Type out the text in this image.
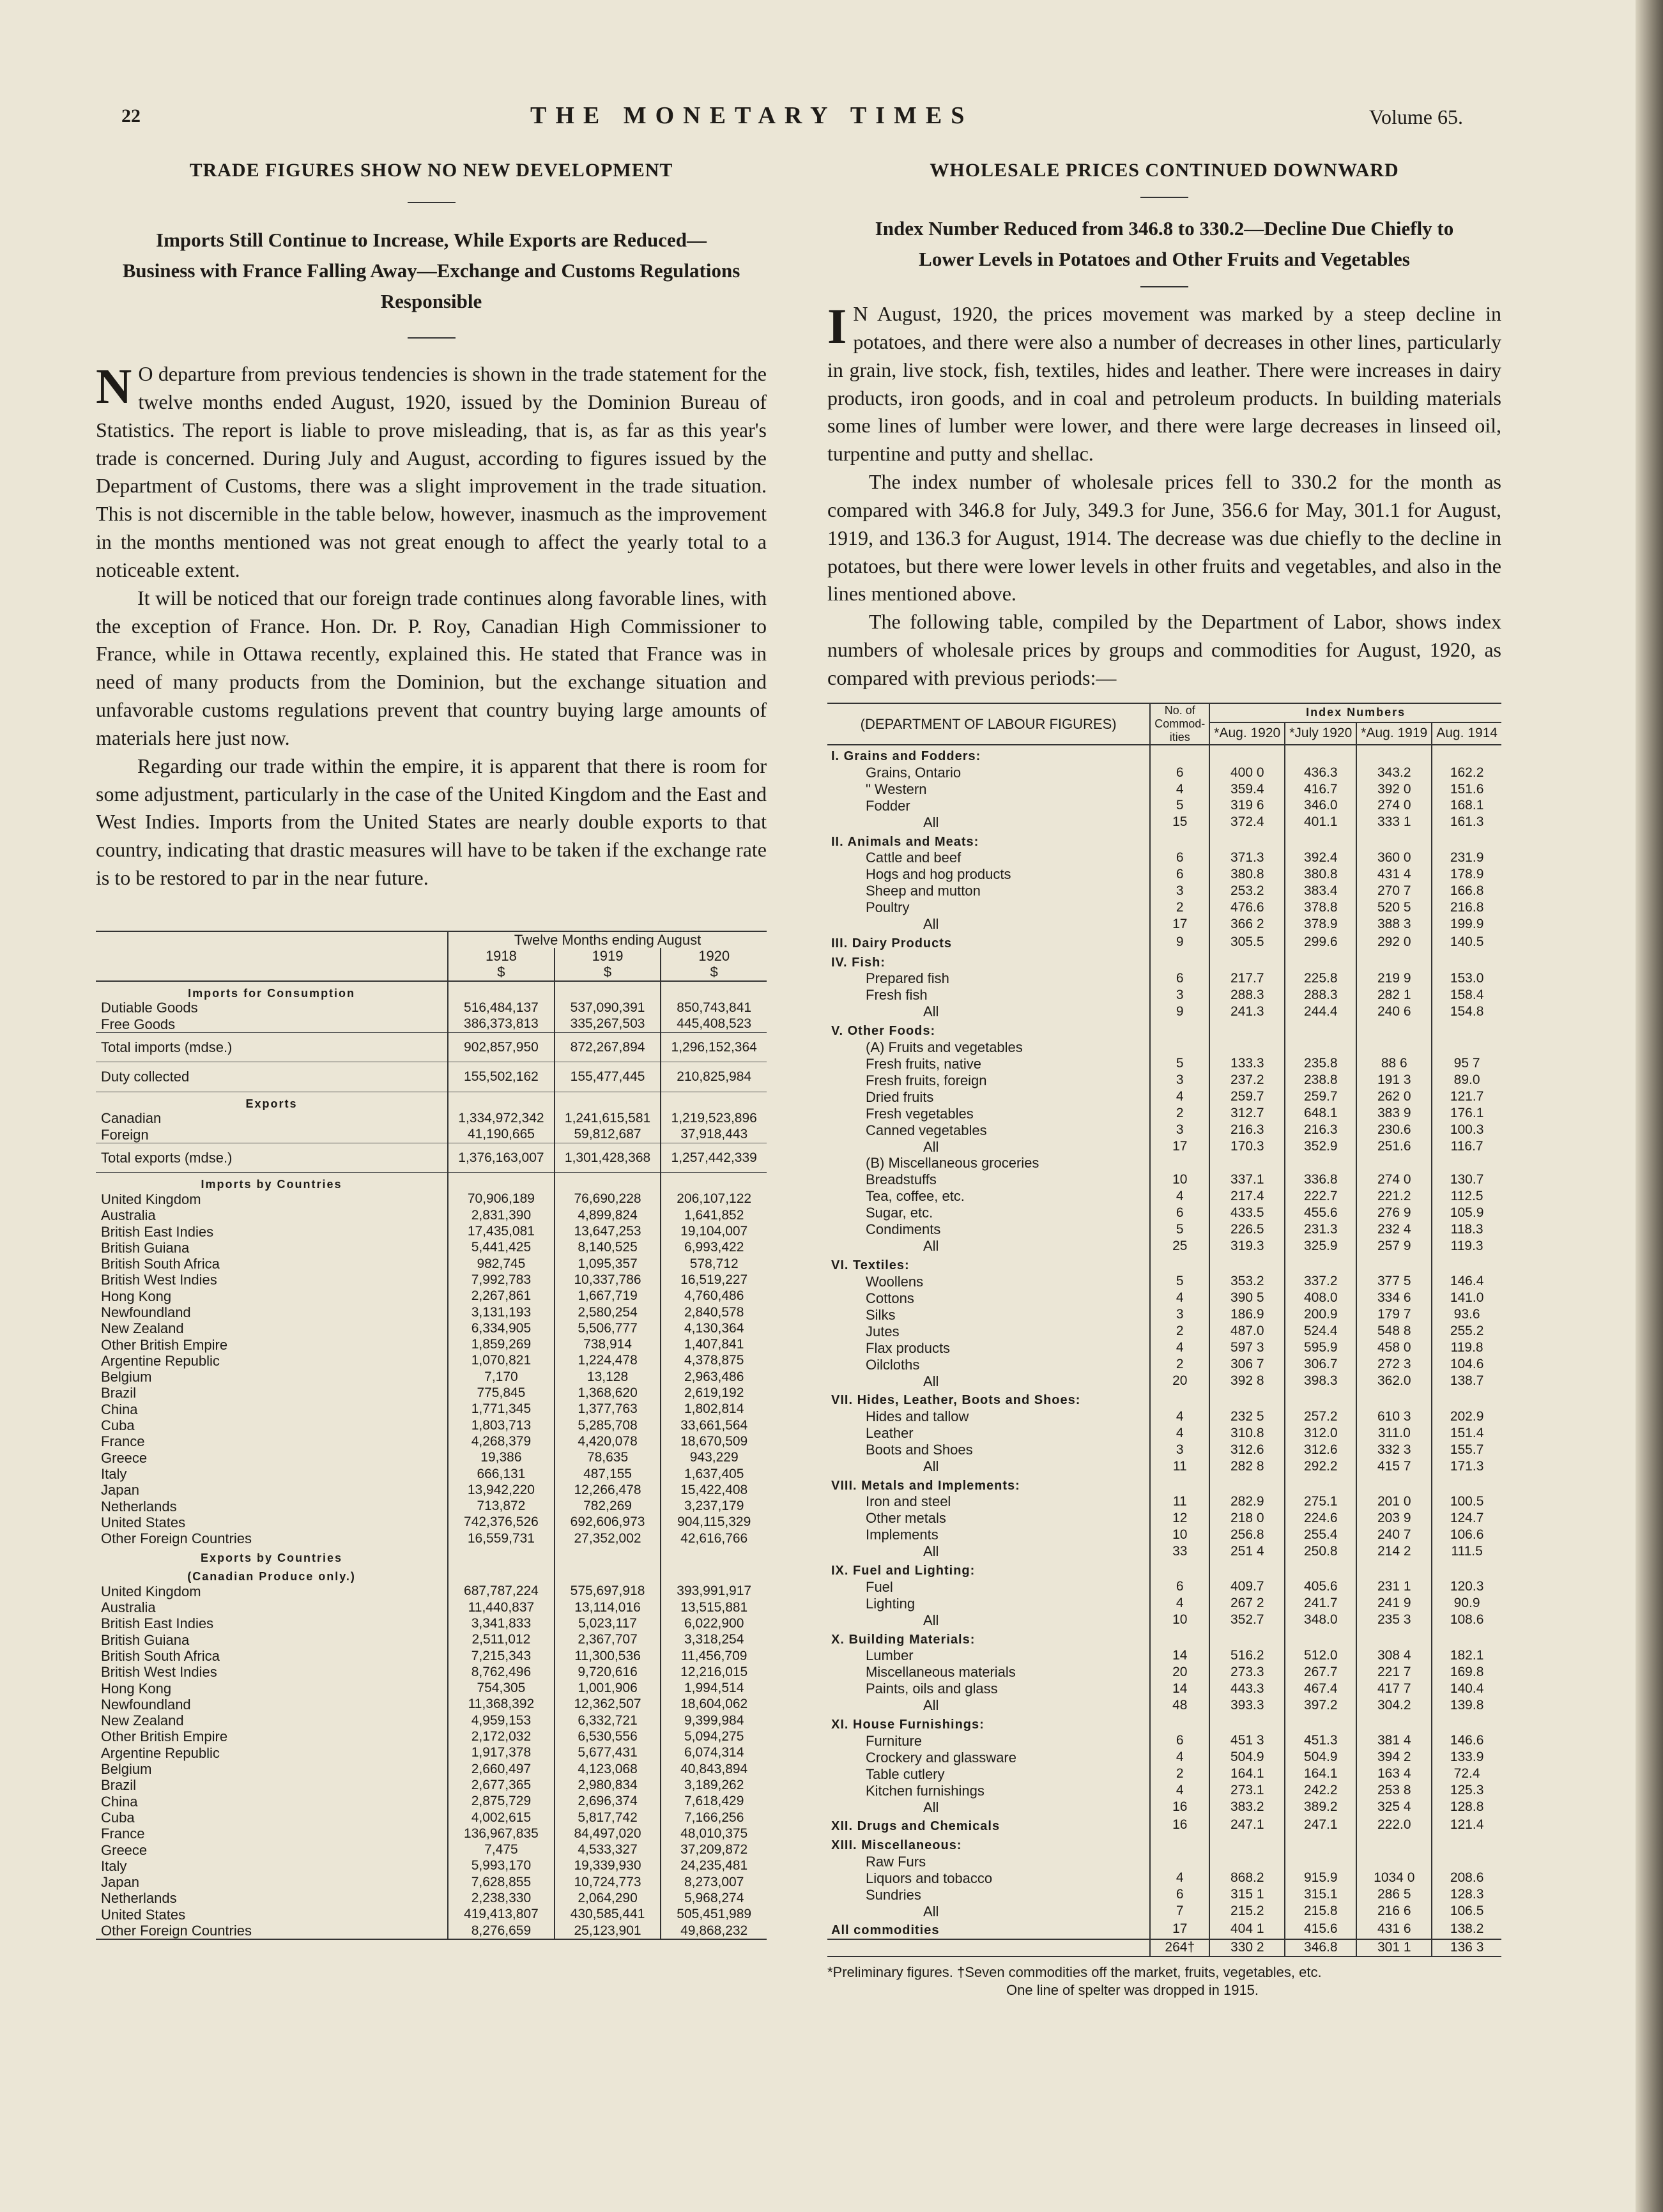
22	THE MONETARY TIMES	Volume 65.
TRADE FIGURES SHOW NO NEW DEVELOPMENT
Imports Still Continue to Increase, While Exports are Reduced—Business with France Falling Away—Exchange and Customs Regulations Responsible

N O departure from previous tendencies is shown in the trade statement for the twelve months ended August, 1920, issued by the Dominion Bureau of Statistics. The report is liable to prove misleading, that is, as far as this year's trade is concerned. During July and August, according to figures issued by the Department of Customs, there was a slight improvement in the trade situation. This is not discernible in the table below, however, inasmuch as the improvement in the months mentioned was not great enough to affect the yearly total to a noticeable extent.

It will be noticed that our foreign trade continues along favorable lines, with the exception of France. Hon. Dr. P. Roy, Canadian High Commissioner to France, while in Ottawa recently, explained this. He stated that France was in need of many products from the Dominion, but the exchange situation and unfavorable customs regulations prevent that country buying large amounts of materials here just now.

Regarding our trade within the empire, it is apparent that there is room for some adjustment, particularly in the case of the United Kingdom and the East and West Indies. Imports from the United States are nearly double exports to that country, indicating that drastic measures will have to be taken if the exchange rate is to be restored to par in the near future.

	Twelve Months ending August		
	1918	1919	1920
	$	$	$
Imports for Consumption			
Dutiable Goods	516,484,137	537,090,391	850,743,841
Free Goods	386,373,813	335,267,503	445,408,523
Total imports (mdse.)	902,857,950	872,267,894	1,296,152,364
Duty collected	155,502,162	155,477,445	210,825,984
Exports			
Canadian	1,334,972,342	1,241,615,581	1,219,523,896
Foreign	41,190,665	59,812,687	37,918,443
Total exports (mdse.)	1,376,163,007	1,301,428,368	1,257,442,339
Imports by Countries			
United Kingdom	70,906,189	76,690,228	206,107,122
Australia	2,831,390	4,899,824	1,641,852
British East Indies	17,435,081	13,647,253	19,104,007
British Guiana	5,441,425	8,140,525	6,993,422
British South Africa	982,745	1,095,357	578,712
British West Indies	7,992,783	10,337,786	16,519,227
Hong Kong	2,267,861	1,667,719	4,760,486
Newfoundland	3,131,193	2,580,254	2,840,578
New Zealand	6,334,905	5,506,777	4,130,364
Other British Empire	1,859,269	738,914	1,407,841
Argentine Republic	1,070,821	1,224,478	4,378,875
Belgium	7,170	13,128	2,963,486
Brazil	775,845	1,368,620	2,619,192
China	1,771,345	1,377,763	1,802,814
Cuba	1,803,713	5,285,708	33,661,564
France	4,268,379	4,420,078	18,670,509
Greece	19,386	78,635	943,229
Italy	666,131	487,155	1,637,405
Japan	13,942,220	12,266,478	15,422,408
Netherlands	713,872	782,269	3,237,179
United States	742,376,526	692,606,973	904,115,329
Other Foreign Countries	16,559,731	27,352,002	42,616,766
Exports by Countries			
(Canadian Produce only.)			
United Kingdom	687,787,224	575,697,918	393,991,917
Australia	11,440,837	13,114,016	13,515,881
British East Indies	3,341,833	5,023,117	6,022,900
British Guiana	2,511,012	2,367,707	3,318,254
British South Africa	7,215,343	11,300,536	11,456,709
British West Indies	8,762,496	9,720,616	12,216,015
Hong Kong	754,305	1,001,906	1,994,514
Newfoundland	11,368,392	12,362,507	18,604,062
New Zealand	4,959,153	6,332,721	9,399,984
Other British Empire	2,172,032	6,530,556	5,094,275
Argentine Republic	1,917,378	5,677,431	6,074,314
Belgium	2,660,497	4,123,068	40,843,894
Brazil	2,677,365	2,980,834	3,189,262
China	2,875,729	2,696,374	7,618,429
Cuba	4,002,615	5,817,742	7,166,256
France	136,967,835	84,497,020	48,010,375
Greece	7,475	4,533,327	37,209,872
Italy	5,993,170	19,339,930	24,235,481
Japan	7,628,855	10,724,773	8,273,007
Netherlands	2,238,330	2,064,290	5,968,274
United States	419,413,807	430,585,441	505,451,989
Other Foreign Countries	8,276,659	25,123,901	49,868,232
WHOLESALE PRICES CONTINUED DOWNWARD
Index Number Reduced from 346.8 to 330.2—Decline Due Chiefly to Lower Levels in Potatoes and Other Fruits and Vegetables

I N August, 1920, the prices movement was marked by a steep decline in potatoes, and there were also a number of decreases in other lines, particularly in grain, live stock, fish, textiles, hides and leather. There were increases in dairy products, iron goods, and in coal and petroleum products. In building materials some lines of lumber were lower, and there were large decreases in linseed oil, turpentine and putty and shellac.

The index number of wholesale prices fell to 330.2 for the month as compared with 346.8 for July, 349.3 for June, 356.6 for May, 301.1 for August, 1919, and 136.3 for August, 1914. The decrease was due chiefly to the decline in potatoes, but there were lower levels in other fruits and vegetables, and also in the lines mentioned above.

The following table, compiled by the Department of Labor, shows index numbers of wholesale prices by groups and commodities for August, 1920, as compared with previous periods:—

(DEPARTMENT OF LABOUR FIGURES)	No. of Commod- ities	Index Numbers			
		*Aug. 1920	*July 1920	*Aug. 1919	Aug. 1914
I. Grains and Fodders:					
Grains, Ontario	6	400 0	436.3	343.2	162.2
" Western	4	359.4	416.7	392 0	151.6
Fodder	5	319 6	346.0	274 0	168.1
All	15	372.4	401.1	333 1	161.3
II. Animals and Meats:					
Cattle and beef	6	371.3	392.4	360 0	231.9
Hogs and hog products	6	380.8	380.8	431 4	178.9
Sheep and mutton	3	253.2	383.4	270 7	166.8
Poultry	2	476.6	378.8	520 5	216.8
All	17	366 2	378.9	388 3	199.9
III. Dairy Products	9	305.5	299.6	292 0	140.5
IV. Fish:					
Prepared fish	6	217.7	225.8	219 9	153.0
Fresh fish	3	288.3	288.3	282 1	158.4
All	9	241.3	244.4	240 6	154.8
V. Other Foods:					
(A) Fruits and vegetables					
Fresh fruits, native	5	133.3	235.8	88 6	95 7
Fresh fruits, foreign	3	237.2	238.8	191 3	89.0
Dried fruits	4	259.7	259.7	262 0	121.7
Fresh vegetables	2	312.7	648.1	383 9	176.1
Canned vegetables	3	216.3	216.3	230.6	100.3
All	17	170.3	352.9	251.6	116.7
(B) Miscellaneous groceries					
Breadstuffs	10	337.1	336.8	274 0	130.7
Tea, coffee, etc.	4	217.4	222.7	221.2	112.5
Sugar, etc.	6	433.5	455.6	276 9	105.9
Condiments	5	226.5	231.3	232 4	118.3
All	25	319.3	325.9	257 9	119.3
VI. Textiles:					
Woollens	5	353.2	337.2	377 5	146.4
Cottons	4	390 5	408.0	334 6	141.0
Silks	3	186.9	200.9	179 7	93.6
Jutes	2	487.0	524.4	548 8	255.2
Flax products	4	597 3	595.9	458 0	119.8
Oilcloths	2	306 7	306.7	272 3	104.6
All	20	392 8	398.3	362.0	138.7
VII. Hides, Leather, Boots and Shoes:					
Hides and tallow	4	232 5	257.2	610 3	202.9
Leather	4	310.8	312.0	311.0	151.4
Boots and Shoes	3	312.6	312.6	332 3	155.7
All	11	282 8	292.2	415 7	171.3
VIII. Metals and Implements:					
Iron and steel	11	282.9	275.1	201 0	100.5
Other metals	12	218 0	224.6	203 9	124.7
Implements	10	256.8	255.4	240 7	106.6
All	33	251 4	250.8	214 2	111.5
IX. Fuel and Lighting:					
Fuel	6	409.7	405.6	231 1	120.3
Lighting	4	267 2	241.7	241 9	90.9
All	10	352.7	348.0	235 3	108.6
X. Building Materials:					
Lumber	14	516.2	512.0	308 4	182.1
Miscellaneous materials	20	273.3	267.7	221 7	169.8
Paints, oils and glass	14	443.3	467.4	417 7	140.4
All	48	393.3	397.2	304.2	139.8
XI. House Furnishings:					
Furniture	6	451 3	451.3	381 4	146.6
Crockery and glassware	4	504.9	504.9	394 2	133.9
Table cutlery	2	164.1	164.1	163 4	72.4
Kitchen furnishings	4	273.1	242.2	253 8	125.3
All	16	383.2	389.2	325 4	128.8
XII. Drugs and Chemicals	16	247.1	247.1	222.0	121.4
XIII. Miscellaneous:					
Raw Furs					
Liquors and tobacco	4	868.2	915.9	1034 0	208.6
Sundries	6	315 1	315.1	286 5	128.3
All	7	215.2	215.8	216 6	106.5
All commodities	17	404 1	415.6	431 6	138.2
	264†	330 2	346.8	301 1	136 3
*Preliminary figures. †Seven commodities off the market, fruits, vegetables, etc.
One line of spelter was dropped in 1915.
